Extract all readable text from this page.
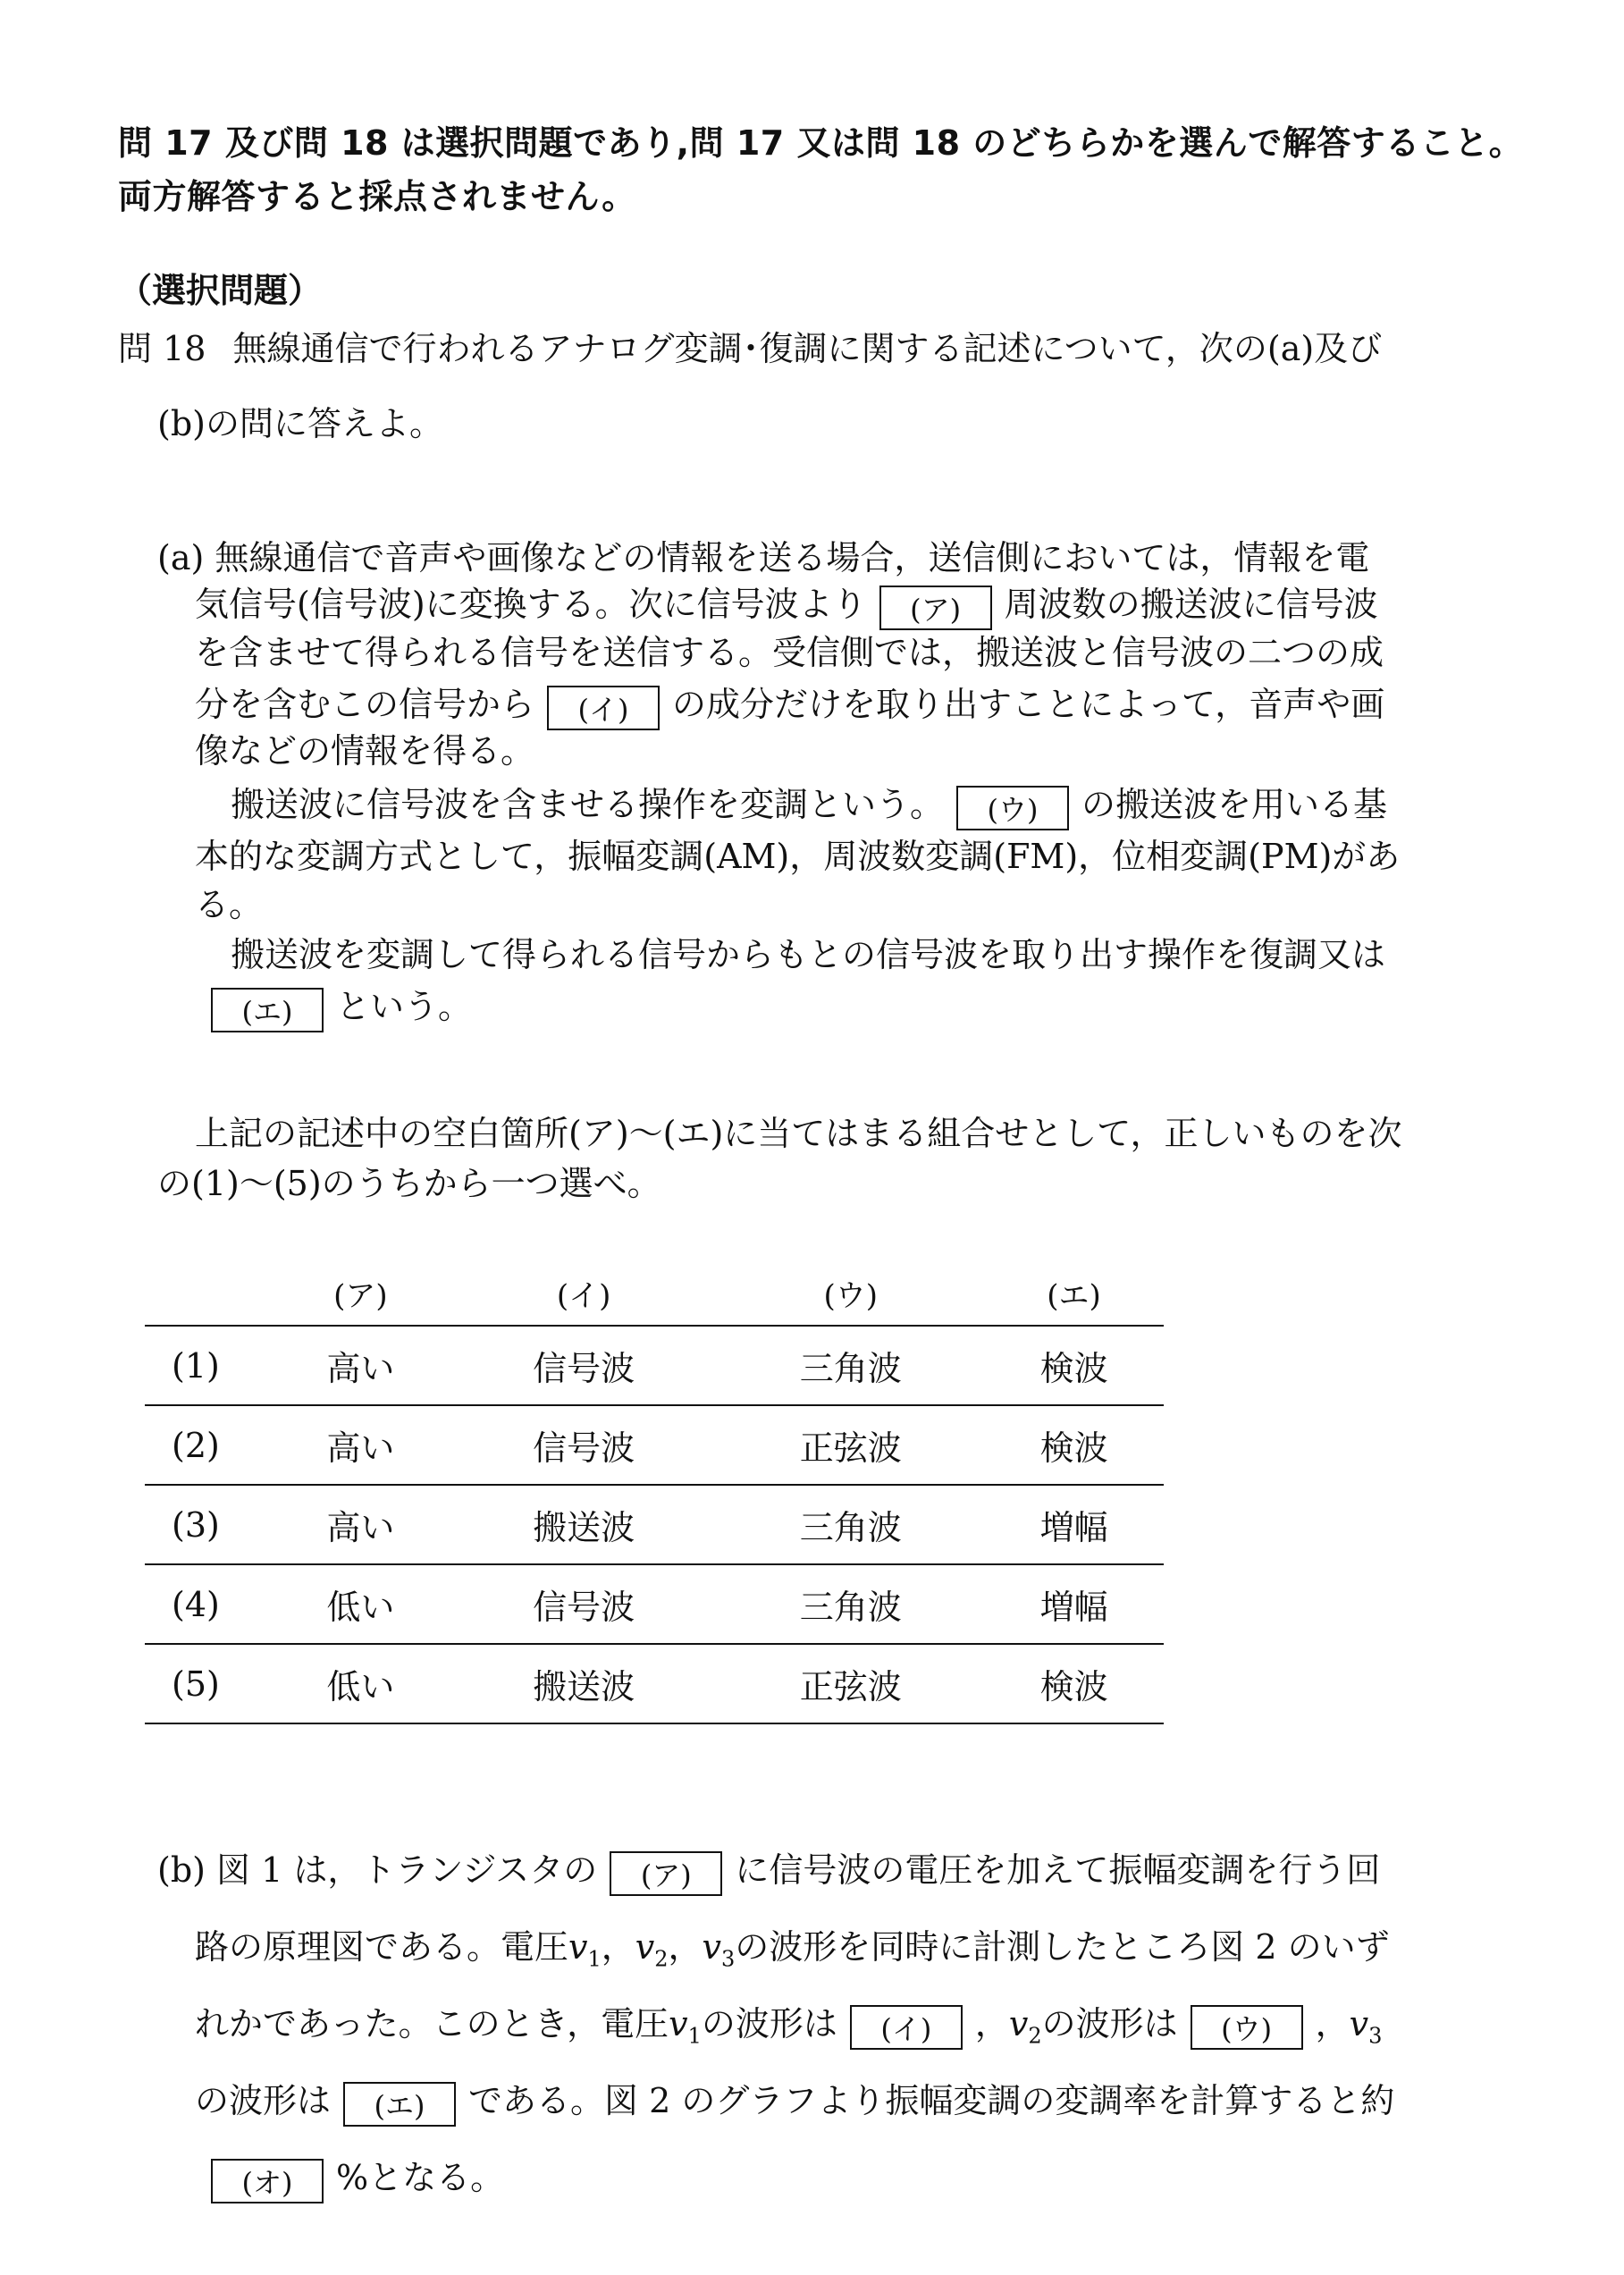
問 17 及び問 18 は選択問題であり,問 17 又は問 18 のどちらかを選んで解答すること。
両方解答すると採点されません。
（選択問題）
問 18 無線通信で行われるアナログ変調･復調に関する記述について，次の(a)及び
(b)の問に答えよ。
(a) 無線通信で音声や画像などの情報を送る場合，送信側においては，情報を電
気信号(信号波)に変換する。次に信号波より (ア) 周波数の搬送波に信号波
を含ませて得られる信号を送信する。受信側では，搬送波と信号波の二つの成
分を含むこの信号から (イ) の成分だけを取り出すことによって，音声や画
像などの情報を得る。
搬送波に信号波を含ませる操作を変調という。 (ウ) の搬送波を用いる基
本的な変調方式として，振幅変調(AM)，周波数変調(FM)，位相変調(PM)があ
る。
搬送波を変調して得られる信号からもとの信号波を取り出す操作を復調又は
(エ) という。
上記の記述中の空白箇所(ア)～(エ)に当てはまる組合せとして，正しいものを次
の(1)～(5)のうちから一つ選べ。
	(ア)	(イ)	(ウ)	(エ)
(1)	高い	信号波	三角波	検波
(2)	高い	信号波	正弦波	検波
(3)	高い	搬送波	三角波	増幅
(4)	低い	信号波	三角波	増幅
(5)	低い	搬送波	正弦波	検波
(b) 図 1 は，トランジスタの (ア) に信号波の電圧を加えて振幅変調を行う回
路の原理図である。電圧$v_1$，$v_2$，$v_3$の波形を同時に計測したところ図 2 のいず
れかであった。このとき，電圧$v_1$の波形は (イ) ，$v_2$の波形は (ウ) ，$v_3$
の波形は (エ) である。図 2 のグラフより振幅変調の変調率を計算すると約
(オ) %となる。
